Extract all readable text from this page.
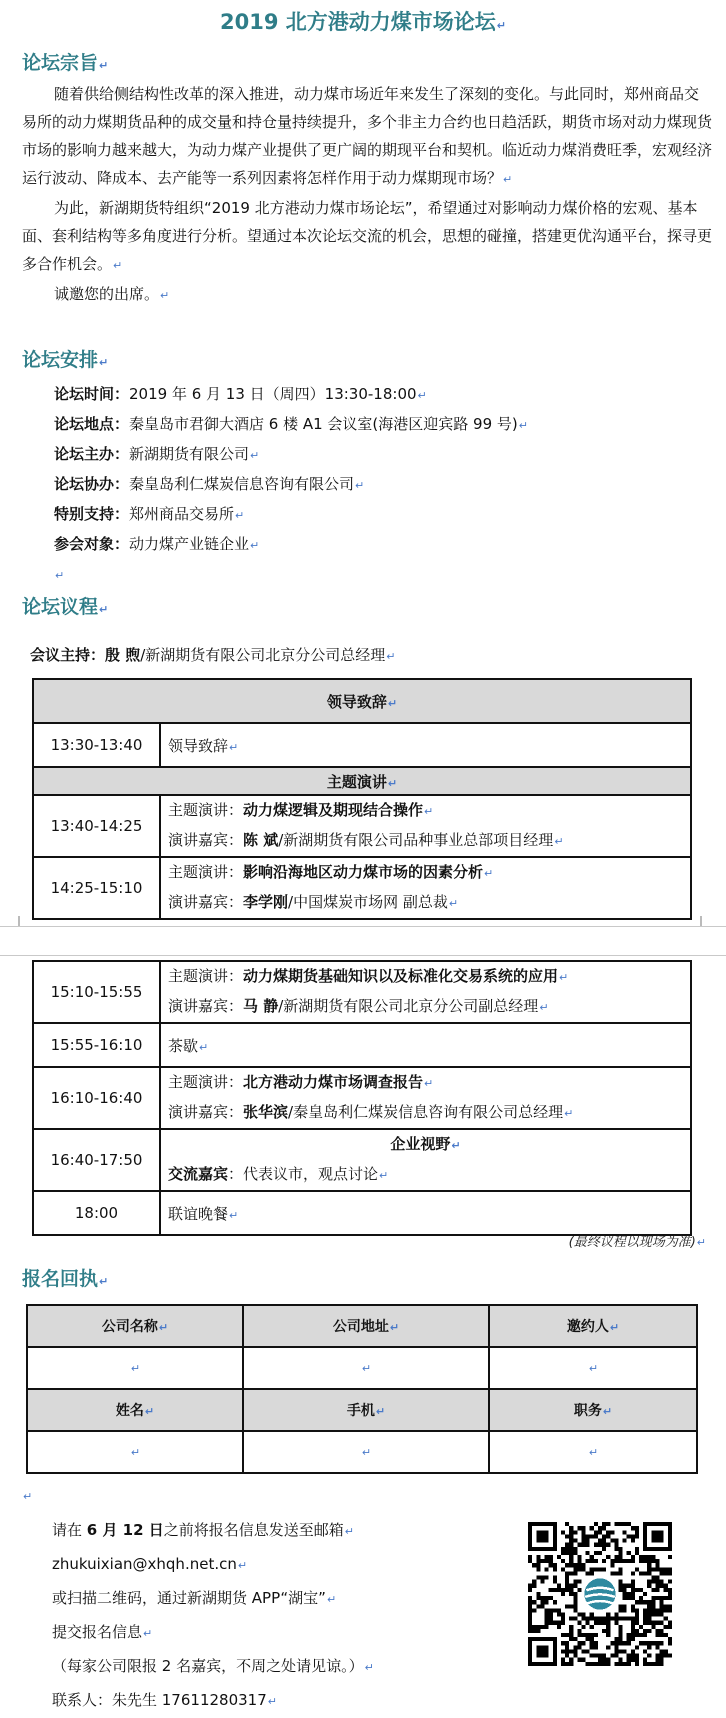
2019 北方港动力煤市场论坛↵
论坛宗旨↵

随着供给侧结构性改革的深入推进，动力煤市场近年来发生了深刻的变化。与此同时，郑州商品交易所的动力煤期货品种的成交量和持仓量持续提升，多个非主力合约也日趋活跃，期货市场对动力煤现货市场的影响力越来越大，为动力煤产业提供了更广阔的期现平台和契机。临近动力煤消费旺季，宏观经济运行波动、降成本、去产能等一系列因素将怎样作用于动力煤期现市场？↵

为此，新湖期货特组织“2019 北方港动力煤市场论坛”，希望通过对影响动力煤价格的宏观、基本面、套利结构等多角度进行分析。望通过本次论坛交流的机会，思想的碰撞，搭建更优沟通平台，探寻更多合作机会。↵

诚邀您的出席。↵

论坛安排↵
论坛时间：2019 年 6 月 13 日（周四）13:30-18:00↵
论坛地点：秦皇岛市君御大酒店 6 楼 A1 会议室(海港区迎宾路 99 号)↵
论坛主办：新湖期货有限公司↵
论坛协办：秦皇岛利仁煤炭信息咨询有限公司↵
特别支持：郑州商品交易所↵
参会对象：动力煤产业链企业↵
↵
论坛议程↵
会议主持：殷 煦/新湖期货有限公司北京分公司总经理↵
领导致辞↵	
13:30-13:40	领导致辞↵
主题演讲↵	
13:40-14:25	主题演讲：动力煤逻辑及期现结合操作↵
演讲嘉宾：陈 斌/新湖期货有限公司品种事业总部项目经理↵

14:25-15:10	主题演讲：影响沿海地区动力煤市场的因素分析↵
演讲嘉宾：李学刚/中国煤炭市场网 副总裁↵
15:10-15:55	主题演讲：动力煤期货基础知识以及标准化交易系统的应用↵
演讲嘉宾：马 静/新湖期货有限公司北京分公司副总经理↵

15:55-16:10	茶歇↵
16:10-16:40	主题演讲：北方港动力煤市场调查报告↵
演讲嘉宾：张华滨/秦皇岛利仁煤炭信息咨询有限公司总经理↵

16:40-17:50	企业视野↵
交流嘉宾：代表议市，观点讨论↵

18:00	联谊晚餐↵
(最终议程以现场为准)↵
报名回执↵
公司名称↵	公司地址↵	邀约人↵
↵	↵	↵
姓名↵	手机↵	职务↵
↵	↵	↵
↵
请在 6 月 12 日之前将报名信息发送至邮箱↵
zhukuixian@xhqh.net.cn↵
或扫描二维码，通过新湖期货 APP“湖宝”↵
提交报名信息↵
（每家公司限报 2 名嘉宾，不周之处请见谅。）↵
联系人：朱先生 17611280317↵
